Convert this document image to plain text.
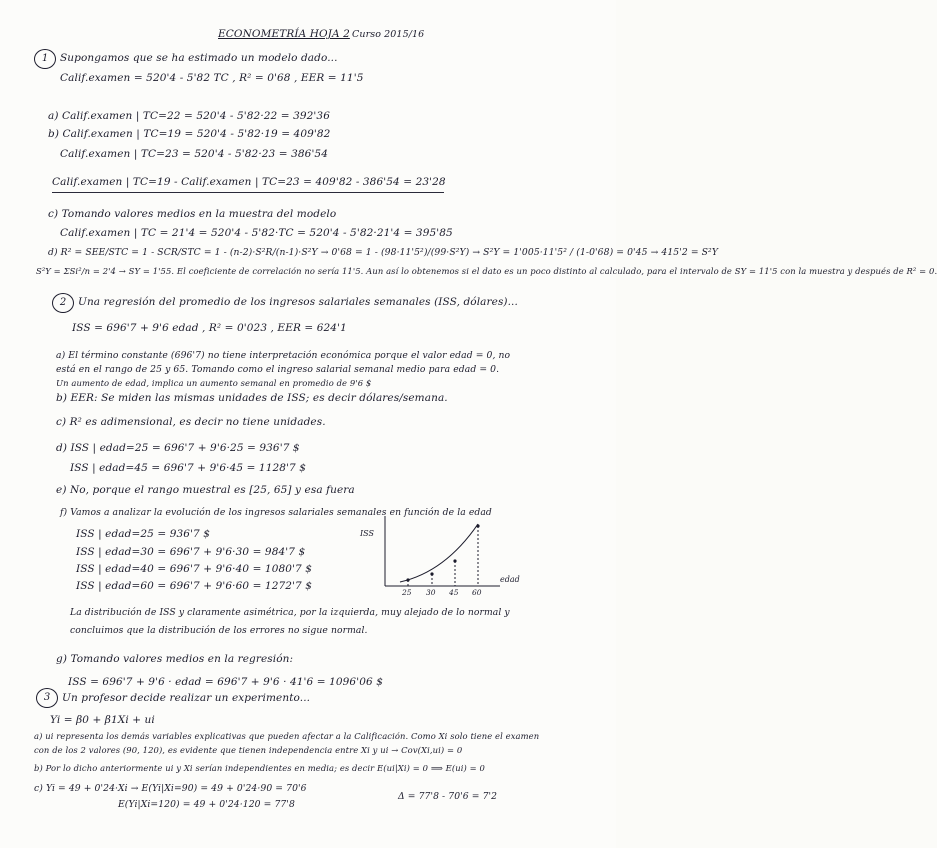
ECONOMETRÍA HOJA 2 Curso 2015/16
1	Supongamos que se ha estimado un modelo dado...
Calif.examen = 520'4 - 5'82 TC , R² = 0'68 , EER = 11'5
a) Calif.examen | TC=22 = 520'4 - 5'82·22 = 392'36
b) Calif.examen | TC=19 = 520'4 - 5'82·19 = 409'82
Calif.examen | TC=23 = 520'4 - 5'82·23 = 386'54
Calif.examen | TC=19 - Calif.examen | TC=23 = 409'82 - 386'54 = 23'28
c) Tomando valores medios en la muestra del modelo
Calif.examen | TC = 21'4 = 520'4 - 5'82·TC = 520'4 - 5'82·21'4 = 395'85
d) R² = SEE/STC = 1 - SCR/STC = 1 - (n-2)·S²R/(n-1)·S²Y → 0'68 = 1 - (98·11'5²)/(99·S²Y) → S²Y = 1'005·11'5² / (1-0'68) = 0'45 → 415'2 = S²Y
S²Y = ΣSi²/n = 2'4 → SY = 1'55. El coeficiente de correlación no sería 11'5. Aun así lo obtenemos si el dato es un poco distinto al calculado, para el intervalo de SY = 11'5 con la muestra y después de R² = 0.
2	Una regresión del promedio de los ingresos salariales semanales (ISS, dólares)...
ISS = 696'7 + 9'6 edad , R² = 0'023 , EER = 624'1
a) El término constante (696'7) no tiene interpretación económica porque el valor edad = 0, no
está en el rango de 25 y 65. Tomando como el ingreso salarial semanal medio para edad = 0.
Un aumento de edad, implica un aumento semanal en promedio de 9'6 $
b) EER: Se miden las mismas unidades de ISS; es decir dólares/semana.
c) R² es adimensional, es decir no tiene unidades.
d) ISS | edad=25 = 696'7 + 9'6·25 = 936'7 $
ISS | edad=45 = 696'7 + 9'6·45 = 1128'7 $
e) No, porque el rango muestral es [25, 65] y esa fuera
f) Vamos a analizar la evolución de los ingresos salariales semanales en función de la edad
ISS | edad=25 = 936'7 $
ISS | edad=30 = 696'7 + 9'6·30 = 984'7 $
ISS | edad=40 = 696'7 + 9'6·40 = 1080'7 $
ISS | edad=60 = 696'7 + 9'6·60 = 1272'7 $
ISS
edad
25 30 45 60
La distribución de ISS y claramente asimétrica, por la izquierda, muy alejado de lo normal y
concluimos que la distribución de los errores no sigue normal.
g) Tomando valores medios en la regresión:
ISS = 696'7 + 9'6 · edad = 696'7 + 9'6 · 41'6 = 1096'06 $
3	Un profesor decide realizar un experimento...
Yi = β0 + β1Xi + ui
a) ui representa los demás variables explicativas que pueden afectar a la Calificación. Como Xi solo tiene el examen
con de los 2 valores (90, 120), es evidente que tienen independencia entre Xi y ui → Cov(Xi,ui) = 0
b) Por lo dicho anteriormente ui y Xi serían independientes en media; es decir E(ui|Xi) = 0 ⟹ E(ui) = 0
c) Yi = 49 + 0'24·Xi → E(Yi|Xi=90) = 49 + 0'24·90 = 70'6
E(Yi|Xi=120) = 49 + 0'24·120 = 77'8
Δ = 77'8 - 70'6 = 7'2
